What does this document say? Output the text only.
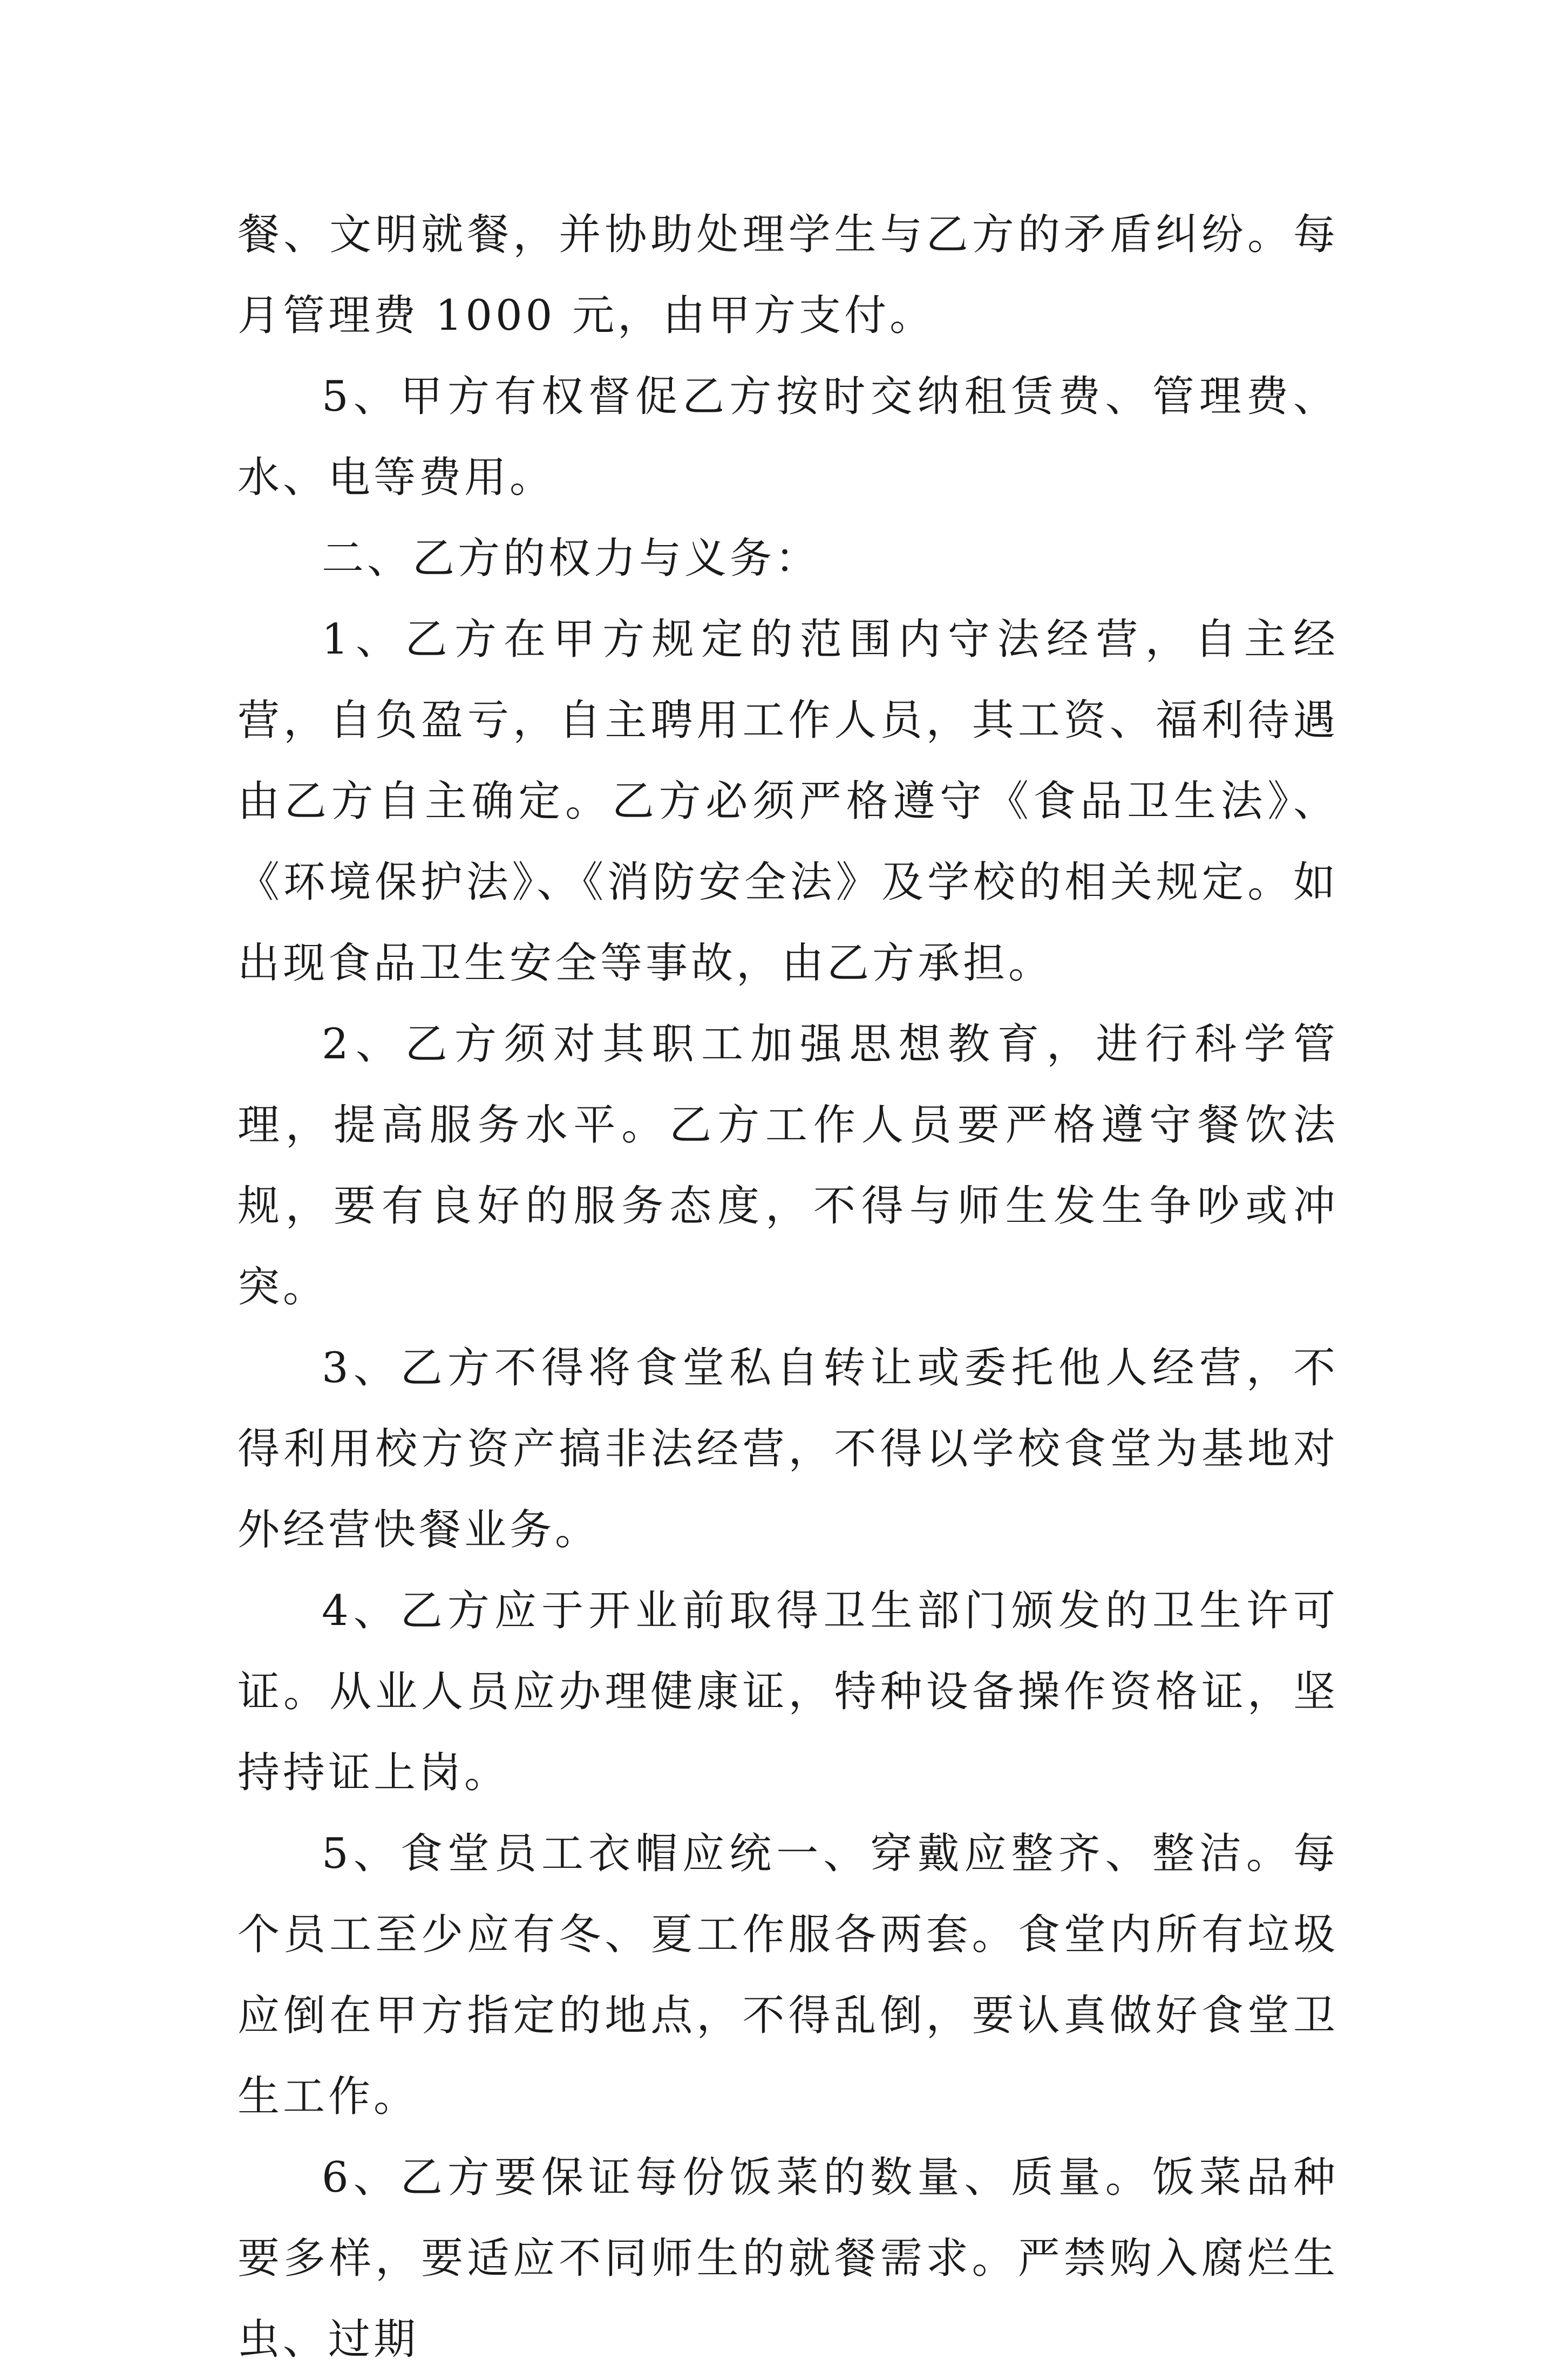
餐、文明就餐，并协助处理学生与乙方的矛盾纠纷。每月管理费 1000 元，由甲方支付。

5、甲方有权督促乙方按时交纳租赁费、管理费、水、电等费用。

二、乙方的权力与义务：

1、乙方在甲方规定的范围内守法经营，自主经营，自负盈亏，自主聘用工作人员，其工资、福利待遇由乙方自主确定。乙方必须严格遵守《食品卫生法》、《环境保护法》、《消防安全法》及学校的相关规定。如出现食品卫生安全等事故，由乙方承担。

2、乙方须对其职工加强思想教育，进行科学管理，提高服务水平。乙方工作人员要严格遵守餐饮法规，要有良好的服务态度，不得与师生发生争吵或冲突。

3、乙方不得将食堂私自转让或委托他人经营，不得利用校方资产搞非法经营，不得以学校食堂为基地对外经营快餐业务。

4、乙方应于开业前取得卫生部门颁发的卫生许可证。从业人员应办理健康证，特种设备操作资格证，坚持持证上岗。

5、食堂员工衣帽应统一、穿戴应整齐、整洁。每个员工至少应有冬、夏工作服各两套。食堂内所有垃圾应倒在甲方指定的地点，不得乱倒，要认真做好食堂卫生工作。

6、乙方要保证每份饭菜的数量、质量。饭菜品种要多样，要适应不同师生的就餐需求。严禁购入腐烂生虫、过期
